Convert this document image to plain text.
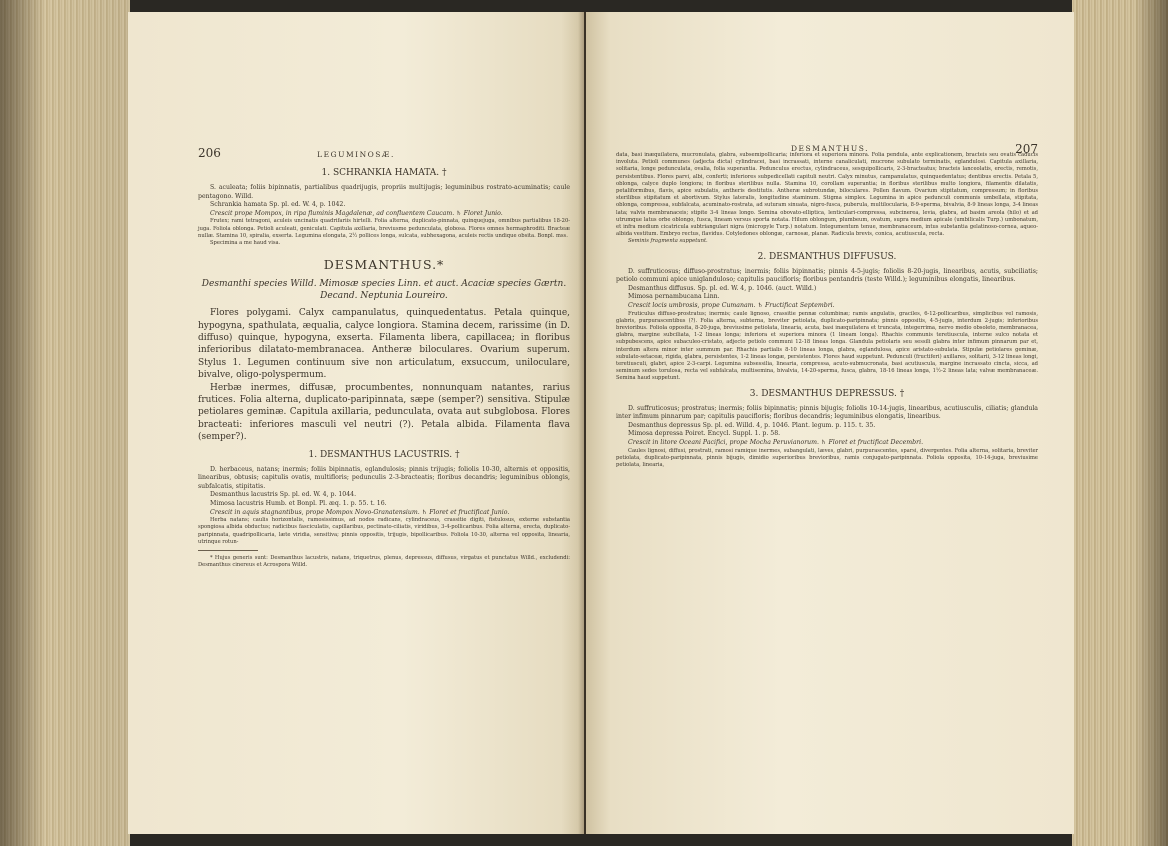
206	LEGUMINOSÆ.

1. SCHRANKIA HAMATA. †

S. aculeata; foliis bipinnatis, partialibus quadrijugis, propriis multijugis; leguminibus rostrato-acuminatis; caule pentagono. Willd.

Schrankia hamata Sp. pl. ed. W. 4, p. 1042.

Crescit prope Mompox, in ripa fluminis Magdalenæ, ad confluentem Caucam. ♄ Floret Junio.

Frutex; rami tetragoni, aculeis uncinatis quadrifariis hirtelli. Folia alterna, duplicato-pinnata, quinquejuga, omnibus partialibus 18-20-juga. Foliola oblonga. Petioli aculeati, geniculati. Capitula axillaria, breviusme pedunculata, globosa. Flores omnes hermaphroditi. Bracteæ nullæ. Stamina 10, spiralia, exserta. Legumina elongata, 2½ pollices longa, sulcata, subhexagona, aculeis rectis undique obsita. Bonpl. mss.

Specimina a me haud visa.

DESMANTHUS.*

Desmanthi species Willd. Mimosæ species Linn. et auct. Acaciæ species Gærtn. Decand. Neptunia Loureiro.

Flores polygami. Calyx campanulatus, quinquedentatus. Petala quinque, hypogyna, spathulata, æqualia, calyce longiora. Stamina decem, rarissime (in D. diffuso) quinque, hypogyna, exserta. Filamenta libera, capillacea; in floribus inferioribus dilatato-membranacea. Antheræ biloculares. Ovarium superum. Stylus 1. Legumen continuum sive non articulatum, exsuccum, uniloculare, bivalve, oligo-polyspermum.

Herbæ inermes, diffusæ, procumbentes, nonnunquam natantes, rarius frutices. Folia alterna, duplicato-paripinnata, sæpe (semper?) sensitiva. Stipulæ petiolares geminæ. Capitula axillaria, pedunculata, ovata aut subglobosa. Flores bracteati: inferiores masculi vel neutri (?). Petala albida. Filamenta flava (semper?).

1. DESMANTHUS LACUSTRIS. †

D. herbaceus, natans; inermis; foliis bipinnatis, eglandulosis; pinnis trijugis; foliolis 10-30, alternis et oppositis, linearibus, obtusis; capitulis ovatis, multifloris; pedunculis 2-3-bracteatis; floribus decandris; leguminibus oblongis, subfalcatis, stipitatis.

Desmanthus lacustris Sp. pl. ed. W. 4, p. 1044.

Mimosa lacustris Humb. et Bonpl. Pl. æq. 1. p. 55. t. 16.

Crescit in aquis stagnantibus, prope Mompox Novo-Granatensium. ♄ Floret et fructificat Junio.

Herba natans; caulis horizontalis, ramosissimus, ad nodos radicans, cylindraceus, crassitie digiti, fistulosus, externe substantia spongiosa albida obductus; radicibus fasciculatis, capillaribus, pectinato-ciliatis, viridibus, 3-4-pollicaribus. Folia alterna, erecta, duplicato-paripinnata, quadripollicaria, læte viridia, sensitiva; pinnis oppositis, trijugis, bipollicaribus. Foliola 10-30, alterna vel opposita, linearia, utrinque rotun-

* Hujus generis sunt: Desmanthus lacustris, natans, triquetrus, plenus, depressus, diffusus, virgatus et punctatus Willd., excludendi: Desmanthus cinereus et Acrospora Willd.

207
DESMANTHUS.

data, basi inæquilatera, mucronulata, glabra, subsemipollicaria; inferiora et superiora minora. Folia pendula, ante explicationem, bracteis seu ovatis caducis involuta. Petioli communes (adjecta dicta) cylindracei, basi incrassati, interne canaliculati, mucrone subulato terminatis, eglandulosi. Capitula axillaria, solitaria, longe pedunculata, ovalia, folia superantia. Pedunculus erectus, cylindraceus, sesquipollicaris, 2-3-bracteatus; bracteis lanceolatis, erectis, remotis, persistentibus. Flores parvi, albi, conferti; inferiores subpedicellati capituli neutri. Calyx minutus, campanulatus, quinquedentatus; dentibus erectis. Petala 5, oblonga, calyce duplo longiora; in floribus sterilibus nulla. Stamina 10, corollam superantia; in floribus sterilibus multo longiora, filamentis dilatatis, petaliformibus, flavis, apice subulatis, antheris destitutis. Antheræ subrotundæ, biloculares. Pollen flavum. Ovarium stipitatum, compressum; in floribus sterilibus stipitatum et abortivum. Stylus lateralis, longitudine staminum. Stigma simplex. Legumina in apice pedunculi communis umbellata, stipitata, oblonga, compressa, subfalcata, acuminato-rostrata, ad suturam sinuata, nigro-fusca, puberula, multilocularia, 8-9-sperma, bivalvia, 8-9 lineas longa, 3-4 lineas lata; valvis membranaceis; stipite 3-4 lineas longo. Semina obovato-elliptica, lenticulari-compressa, subcinerea, levia, glabra, ad basim areola (hilo) et ad utrumque latus orbe oblongo, fusca, lineam versus sporta notata. Hilum oblongum, plumbeum, ovatum, supra medium apicale (umbilicalis Turp.) umbonatum, et infra medium cicatricula subtriangulari nigra (micropyle Turp.) notatum. Integumentum tenue, membranaceum, intus substantia gelatinoso-cornea, aqueo-albida vestitum. Embryo rectus, flavidus. Cotyledones oblongæ, carnosæ, planæ. Radicula brevis, conica, acutiuscula, recta.

Seminis fragmenta suppetunt.

2. DESMANTHUS DIFFUSUS.

D. suffruticosus; diffuso-prostratus; inermis; foliis bipinnatis; pinnis 4-5-jugis; foliolis 8-20-jugis, linearibus, acutis, subciliatis; petiolo communi apice uniglanduloso; capitulis paucifloris; floribus pentandris (teste Willd.); leguminibus elongatis, linearibus.

Desmanthus diffusus. Sp. pl. ed. W. 4, p. 1046. (auct. Willd.)

Mimosa pernambucana Linn.

Crescit locis umbrosis, prope Cumanam. ♄ Fructificat Septembri.

Fruticulus diffuso-prostratus; inermis; caule lignoso, crassitie pennæ columbinæ; ramis angulatis, graciles, 6-12-pollicaribus, simplicibus vel ramosis, glabris, purpurascentibus (?). Folia alterna, subterna, breviter petiolata, duplicato-paripinnata; pinnis oppositis, 4-5-jugis, interdum 2-jugis; inferioribus brevioribus. Foliola opposita, 8-20-juga, breviusime petiolata, linearia, acuta, basi inæquilatera et truncata, integerrima, nervo medio obsoleto, membranacea, glabra, margine subciliata, 1-2 lineas longa; inferiora et superiora minora (1 lineam longa). Rhachis communis teretiuscula, interne sulco notata et subpubescens, apice subaculeo-cristato, adjecto petiolo communi 12-18 lineas longa. Glandula petiolaris seu sessili glabra inter infimum pinnarum par et, interdum altera minor inter summum par. Rhachis partialis 8-10 lineas longa, glabra, eglandulosa, apice aristato-subulata. Stipulæ petiolares geminæ, subulato-setaceæ, rigida, glabra, persistentes, 1-2 lineas longæ, persistentes. Flores haud suppetunt. Pedunculi (fructiferi) axillares, solitarii, 3-12 lineas longi, teretiusculi, glabri, apice 2-3-carpi. Legumina subsessilia, linearia, compressa, acuto-submucronata, basi acutiuscula, margine incrassato cincta, sicca, ad seminum sedes torulosa, recta vel subfalcata, multisemina, bivalvia, 14-20-sperma, fusca, glabra, 18-16 lineas longa, 1½-2 lineas lata; valvæ membranaceæ. Semina haud suppetunt.

3. DESMANTHUS DEPRESSUS. †

D. suffruticosus; prostratus; inermis; foliis bipinnatis; pinnis bijugis; foliolis 10-14-jugis, linearibus, acutiusculis, ciliatis; glandula inter infimum pinnarum par; capitulis paucifloris; floribus decandris; leguminibus elongatis, linearibus.

Desmanthus depressus Sp. pl. ed. Willd. 4, p. 1046. Plant. legum. p. 115. t. 35.

Mimosa depressa Poiret. Encycl. Suppl. 1. p. 58.

Crescit in litore Oceani Pacifici, prope Mocha Peruvianorum. ♄ Floret et fructificat Decembri.

Caules lignosi, diffusi, prostrati, ramosi ramique inermes, subangulati, læves, glabri, purpurascentes, sparsi, divergentes. Folia alterna, solitaria, breviter petiolata, duplicato-paripinnata, pinnis bijugis, dimidio superioribus brevioribus, ramis conjugato-paripinnata. Foliola opposita, 10-14-juga, breviusime petiolata, linearia,
